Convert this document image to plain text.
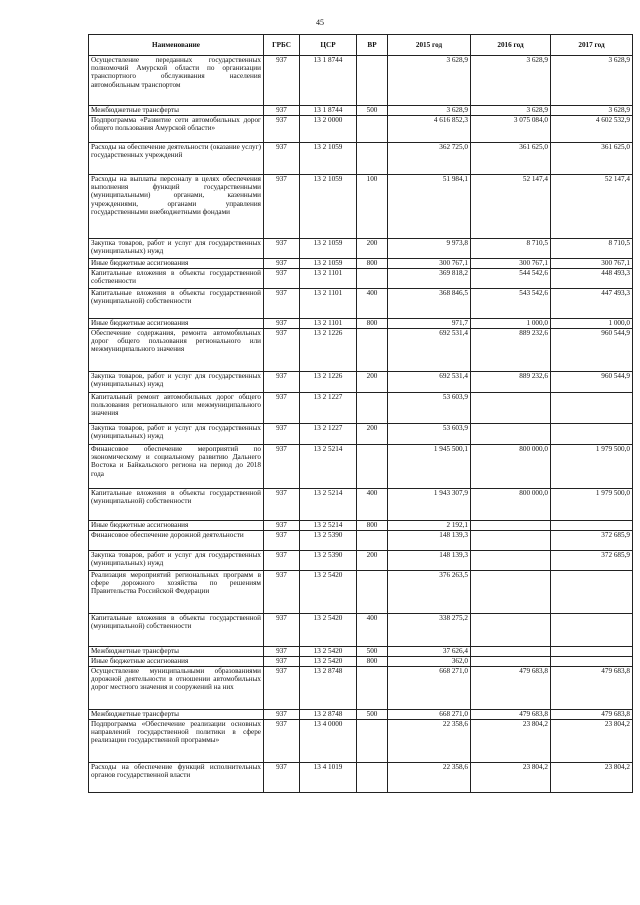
45
Наименование	ГРБС	ЦСР	ВР	2015 год	2016 год	2017 год
Осуществление переданных государственных полномочий Амурской области по организации транспортного обслуживания населения автомобильным транспортом	937	13 1 8744		3 628,9	3 628,9	3 628,9
Межбюджетные трансферты	937	13 1 8744	500	3 628,9	3 628,9	3 628,9
Подпрограмма «Развитие сети автомобильных дорог общего пользования Амурской области»	937	13 2 0000		4 616 852,3	3 075 084,0	4 602 532,9
Расходы на обеспечение деятельности (оказание услуг) государственных учреждений	937	13 2 1059		362 725,0	361 625,0	361 625,0
Расходы на выплаты персоналу в целях обеспечения выполнения функций государственными (муниципальными) органами, казенными учреждениями, органами управления государственными внебюджетными фондами	937	13 2 1059	100	51 984,1	52 147,4	52 147,4
Закупка товаров, работ и услуг для государственных (муниципальных) нужд	937	13 2 1059	200	9 973,8	8 710,5	8 710,5
Иные бюджетные ассигнования	937	13 2 1059	800	300 767,1	300 767,1	300 767,1
Капитальные вложения в объекты государственной собственности	937	13 2 1101		369 818,2	544 542,6	448 493,3
Капитальные вложения в объекты государственной (муниципальной) собственности	937	13 2 1101	400	368 846,5	543 542,6	447 493,3
Иные бюджетные ассигнования	937	13 2 1101	800	971,7	1 000,0	1 000,0
Обеспечение содержания, ремонта автомобильных дорог общего пользования регионального или межмуниципального значения	937	13 2 1226		692 531,4	889 232,6	960 544,9
Закупка товаров, работ и услуг для государственных (муниципальных) нужд	937	13 2 1226	200	692 531,4	889 232,6	960 544,9
Капитальный ремонт автомобильных дорог общего пользования регионального или межмуниципального значения	937	13 2 1227		53 603,9		
Закупка товаров, работ и услуг для государственных (муниципальных) нужд	937	13 2 1227	200	53 603,9		
Финансовое обеспечение мероприятий по экономическому и социальному развитию Дальнего Востока и Байкальского региона на период до 2018 года	937	13 2 5214		1 945 500,1	800 000,0	1 979 500,0
Капитальные вложения в объекты государственной (муниципальной) собственности	937	13 2 5214	400	1 943 307,9	800 000,0	1 979 500,0
Иные бюджетные ассигнования	937	13 2 5214	800	2 192,1		
Финансовое обеспечение дорожной деятельности	937	13 2 5390		148 139,3		372 685,9
Закупка товаров, работ и услуг для государственных (муниципальных) нужд	937	13 2 5390	200	148 139,3		372 685,9
Реализация мероприятий региональных программ в сфере дорожного хозяйства по решениям Правительства Российской Федерации	937	13 2 5420		376 263,5		
Капитальные вложения в объекты государственной (муниципальной) собственности	937	13 2 5420	400	338 275,2		
Межбюджетные трансферты	937	13 2 5420	500	37 626,4		
Иные бюджетные ассигнования	937	13 2 5420	800	362,0		
Осуществление муниципальными образованиями дорожной деятельности в отношении автомобильных дорог местного значения и сооружений на них	937	13 2 8748		668 271,0	479 683,8	479 683,8
Межбюджетные трансферты	937	13 2 8748	500	668 271,0	479 683,8	479 683,8
Подпрограмма «Обеспечение реализации основных направлений государственной политики в сфере реализации государственной программы»	937	13 4 0000		22 358,6	23 804,2	23 804,2
Расходы на обеспечение функций исполнительных органов государственной власти	937	13 4 1019		22 358,6	23 804,2	23 804,2
